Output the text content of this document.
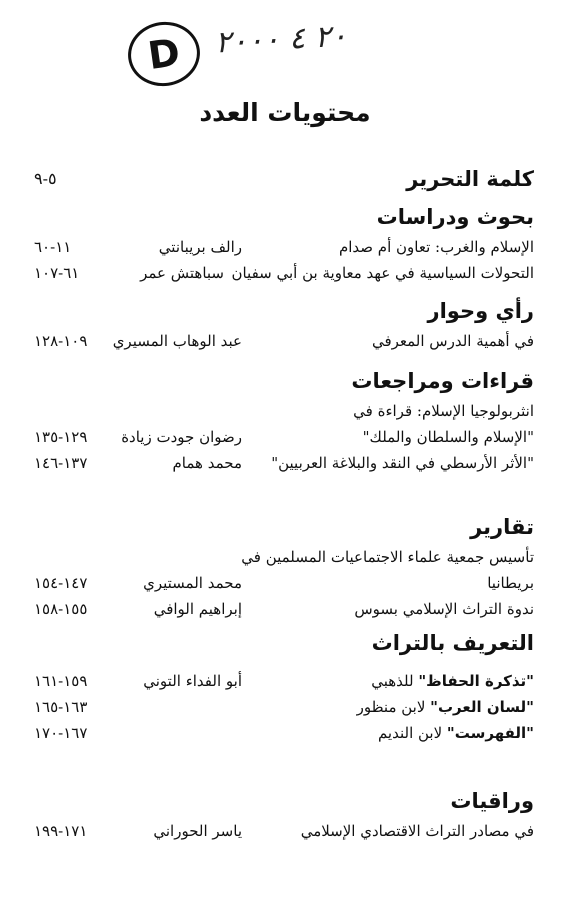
D ٢٠ ٤ ٢٠٠٠
محتويات العدد
كلمة التحرير
٥-٩
بحوث ودراسات
الإسلام والغرب: تعاون أم صدام
رالف بريبانتي
١١-٦٠
التحولات السياسية في عهد معاوية بن أبي سفيان
سباهتش عمر
٦١-١٠٧
رأي وحوار
في أهمية الدرس المعرفي
عبد الوهاب المسيري
١٠٩-١٢٨
قراءات ومراجعات
انثربولوجيا الإسلام: قراءة في
"الإسلام والسلطان والملك"
رضوان جودت زيادة
١٢٩-١٣٥
"الأثر الأرسطي في النقد والبلاغة العربيين"
محمد همام
١٣٧-١٤٦
تقارير
تأسيس جمعية علماء الاجتماعيات المسلمين في
بريطانيا
محمد المستيري
١٤٧-١٥٤
ندوة التراث الإسلامي بسوس
إبراهيم الوافي
١٥٥-١٥٨
التعريف بالتراث
"تذكرة الحفاظ" للذهبي
أبو الفداء التوني
١٥٩-١٦١
"لسان العرب" لابن منظور
١٦٣-١٦٥
"الفهرست" لابن النديم
١٦٧-١٧٠
وراقيات
في مصادر التراث الاقتصادي الإسلامي
ياسر الحوراني
١٧١-١٩٩
